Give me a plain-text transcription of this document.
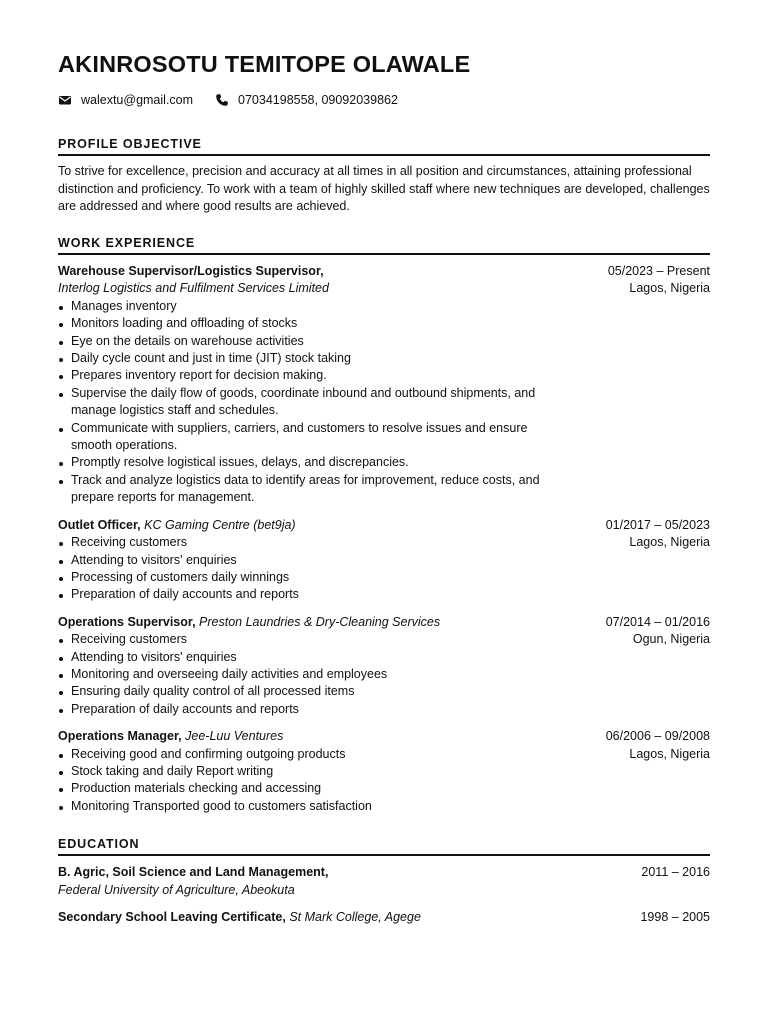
AKINROSOTU TEMITOPE OLAWALE
walextu@gmail.com	07034198558, 09092039862
PROFILE OBJECTIVE

To strive for excellence, precision and accuracy at all times in all position and circumstances, attaining professional distinction and proficiency. To work with a team of highly skilled staff where new techniques are developed, challenges are addressed and where good results are achieved.

WORK EXPERIENCE
05/2023 – Present
Lagos, Nigeria
Warehouse Supervisor/Logistics Supervisor,
Interlog Logistics and Fulfilment Services Limited
Manages inventory
Monitors loading and offloading of stocks
Eye on the details on warehouse activities
Daily cycle count and just in time (JIT) stock taking
Prepares inventory report for decision making.
Supervise the daily flow of goods, coordinate inbound and outbound shipments, and manage logistics staff and schedules.
Communicate with suppliers, carriers, and customers to resolve issues and ensure smooth operations.
Promptly resolve logistical issues, delays, and discrepancies.
Track and analyze logistics data to identify areas for improvement, reduce costs, and prepare reports for management.
01/2017 – 05/2023
Lagos, Nigeria
Outlet Officer, KC Gaming Centre (bet9ja)
Receiving customers
Attending to visitors' enquiries
Processing of customers daily winnings
Preparation of daily accounts and reports
07/2014 – 01/2016
Ogun, Nigeria
Operations Supervisor, Preston Laundries & Dry-Cleaning Services
Receiving customers
Attending to visitors' enquiries
Monitoring and overseeing daily activities and employees
Ensuring daily quality control of all processed items
Preparation of daily accounts and reports
06/2006 – 09/2008
Lagos, Nigeria
Operations Manager, Jee-Luu Ventures
Receiving good and confirming outgoing products
Stock taking and daily Report writing
Production materials checking and accessing
Monitoring Transported good to customers satisfaction
EDUCATION
2011 – 2016
B. Agric, Soil Science and Land Management,
Federal University of Agriculture, Abeokuta
1998 – 2005
Secondary School Leaving Certificate, St Mark College, Agege
